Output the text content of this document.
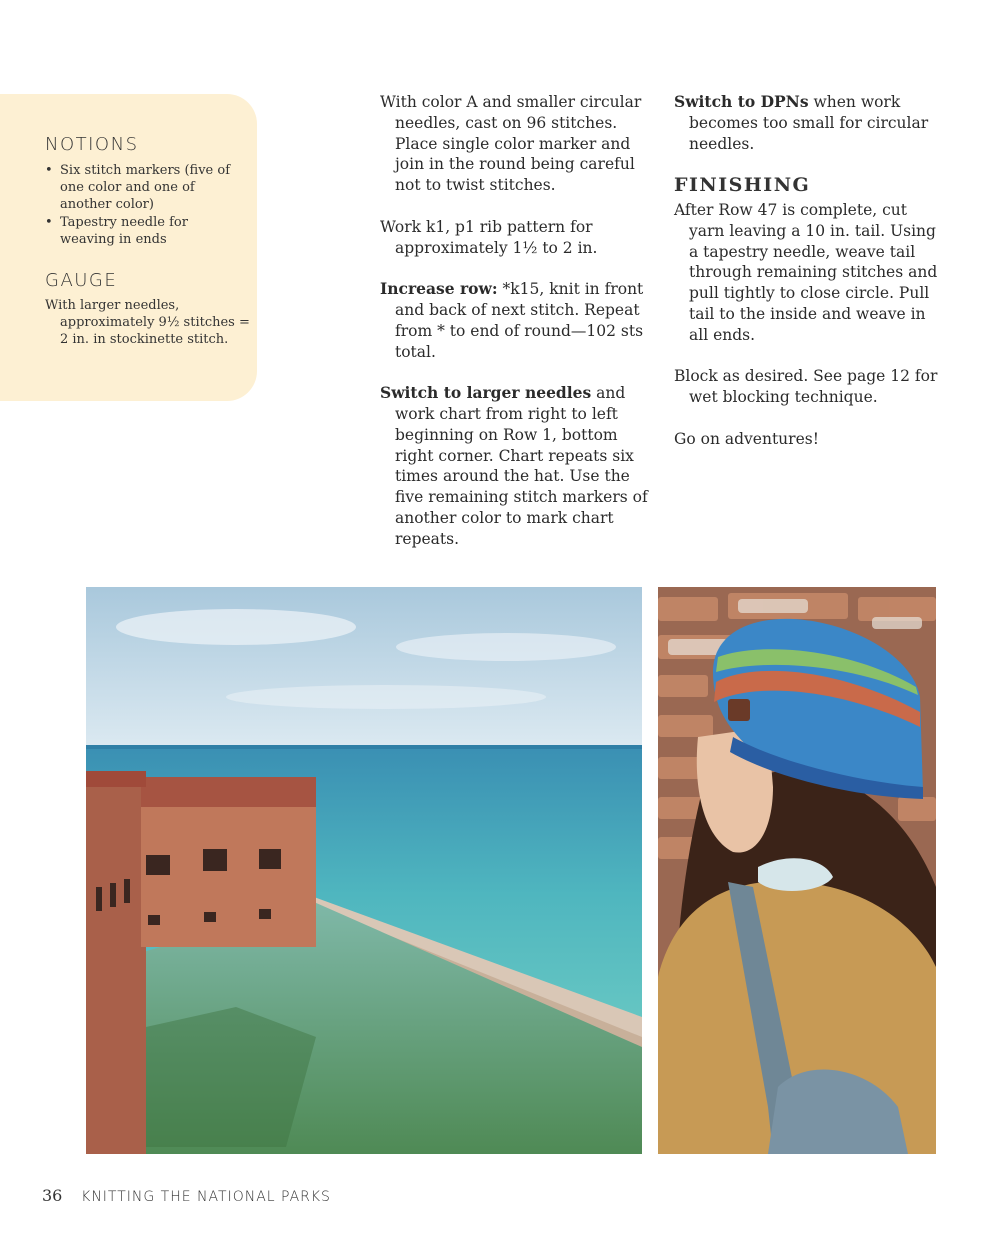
NOTIONS
• Six stitch markers (five of one color and one of another color)
• Tapestry needle for weaving in ends
GAUGE

With larger needles, approximately 9½ stitches = 2 in. in stockinette stitch.

With color A and smaller circular needles, cast on 96 stitches. Place single color marker and join in the round being careful not to twist stitches.

Work k1, p1 rib pattern for approximately 1½ to 2 in.

Increase row: *k15, knit in front and back of next stitch. Repeat from * to end of round—102 sts total.

Switch to larger needles and work chart from right to left beginning on Row 1, bottom right corner. Chart repeats six times around the hat. Use the five remaining stitch markers of another color to mark chart repeats.

Switch to DPNs when work becomes too small for circular needles.

FINISHING

After Row 47 is complete, cut yarn leaving a 10 in. tail. Using a tapestry needle, weave tail through remaining stitches and pull tightly to close circle. Pull tail to the inside and weave in all ends.

Block as desired. See page 12 for wet blocking technique.

Go on adventures!

36 KNITTING THE NATIONAL PARKS
